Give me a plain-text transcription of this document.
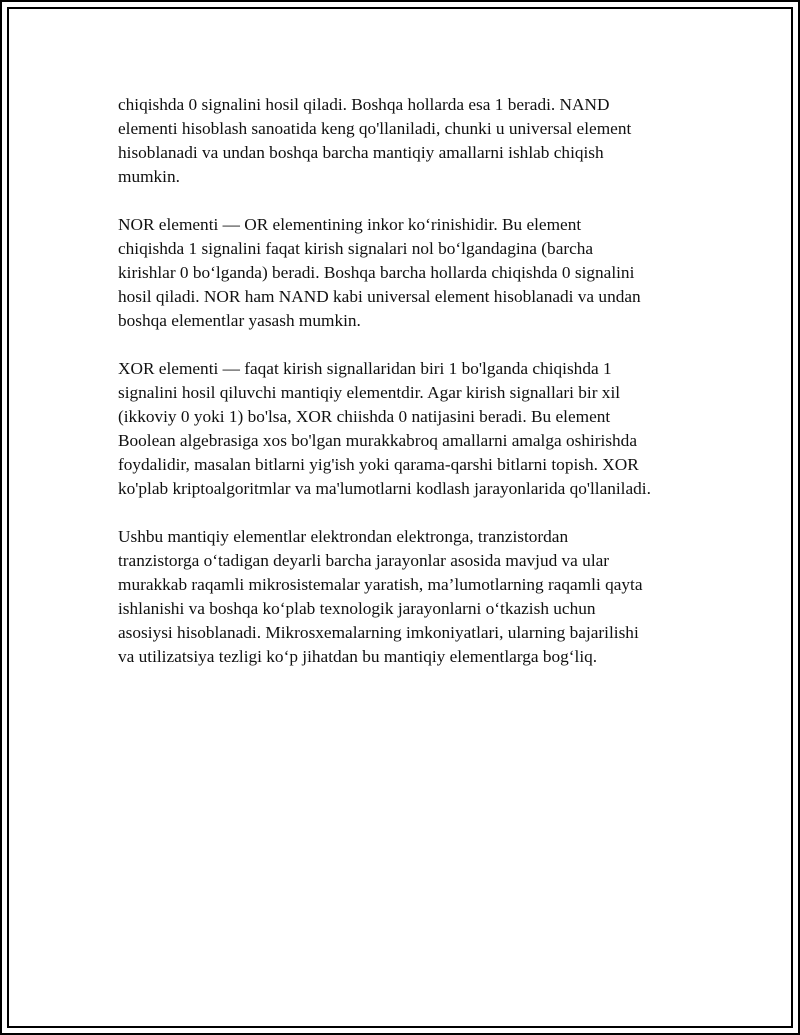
chiqishda 0 signalini hosil qiladi. Boshqa hollarda esa 1 beradi. NAND
elementi hisoblash sanoatida keng qo'llaniladi, chunki u universal element
hisoblanadi va undan boshqa barcha mantiqiy amallarni ishlab chiqish
mumkin.

NOR elementi — OR elementining inkor ko‘rinishidir. Bu element
chiqishda 1 signalini faqat kirish signalari nol bo‘lgandagina (barcha
kirishlar 0 bo‘lganda) beradi. Boshqa barcha hollarda chiqishda 0 signalini
hosil qiladi. NOR ham NAND kabi universal element hisoblanadi va undan
boshqa elementlar yasash mumkin.

XOR elementi — faqat kirish signallaridan biri 1 bo'lganda chiqishda 1
signalini hosil qiluvchi mantiqiy elementdir. Agar kirish signallari bir xil
(ikkoviy 0 yoki 1) bo'lsa, XOR chiishda 0 natijasini beradi. Bu element
Boolean algebrasiga xos bo'lgan murakkabroq amallarni amalga oshirishda
foydalidir, masalan bitlarni yig'ish yoki qarama-qarshi bitlarni topish. XOR
ko'plab kriptoalgoritmlar va ma'lumotlarni kodlash jarayonlarida qo'llaniladi.

Ushbu mantiqiy elementlar elektrondan elektronga, tranzistordan
tranzistorga o‘tadigan deyarli barcha jarayonlar asosida mavjud va ular
murakkab raqamli mikrosistemalar yaratish, ma’lumotlarning raqamli qayta
ishlanishi va boshqa ko‘plab texnologik jarayonlarni o‘tkazish uchun
asosiysi hisoblanadi. Mikrosxemalarning imkoniyatlari, ularning bajarilishi
va utilizatsiya tezligi ko‘p jihatdan bu mantiqiy elementlarga bog‘liq.
